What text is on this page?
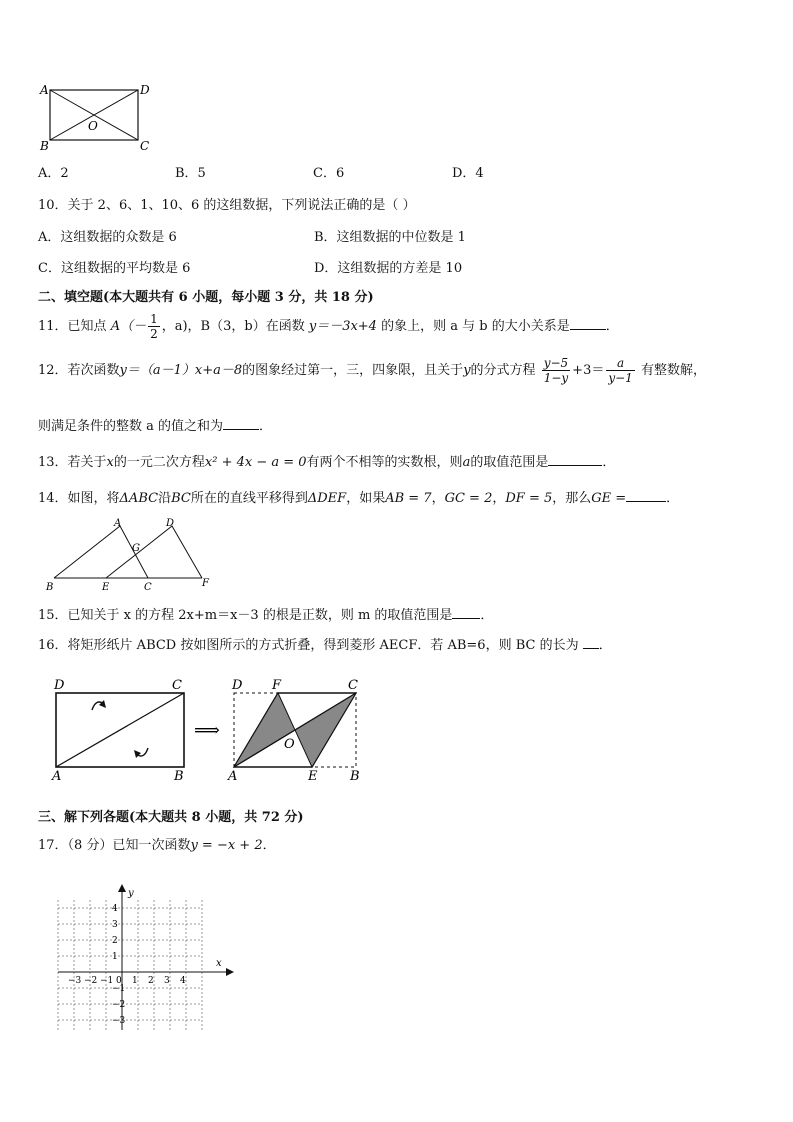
A	D
B	C
O
A．2	B．5	C．6	D．4
10．关于 2、6、1、10、6 的这组数据，下列说法正确的是（ ）
A．这组数据的众数是 6	B．这组数据的中位数是 1
C．这组数据的平均数是 6	D．这组数据的方差是 10
二、填空题(本大题共有 6 小题，每小题 3 分，共 18 分)
11．已知点 $A(- \frac{1}{2}$ ，a)，B（3，b）在函数 y＝－3x+4 的象上，则 a 与 b 的大小关系是	．
12．若次函数y＝（a－1）x+a－8的图象经过第一，三，四象限，且关于y的分式方程 $\frac{y-5}{1-y} +3= \frac{a}{y-1}$ 有整数解，
则满足条件的整数 a 的值之和为	．
13．若关于x的一元二次方程x² + 4x − a = 0有两个不相等的实数根，则a的取值范围是	．
14．如图，将ΔABC沿BC所在的直线平移得到ΔDEF，如果AB = 7，GC = 2，DF = 5，那么GE =	．
A	D
G
B	E	C	F
15．已知关于 x 的方程 2x+m＝x－3 的根是正数，则 m 的取值范围是 ．
16．将矩形纸片 ABCD 按如图所示的方式折叠，得到菱形 AECF．若 AB=6，则 BC 的长为 ．
D	C
A	B
⟹
D F	C
O
A	E	B
三、解下列各题(本大题共 8 小题，共 72 分)
17．（8 分）已知一次函数y = −x + 2．
x
y
−3 −2 −1 0 1 2 3 4
4
3
2
1
−1
−2
−3
